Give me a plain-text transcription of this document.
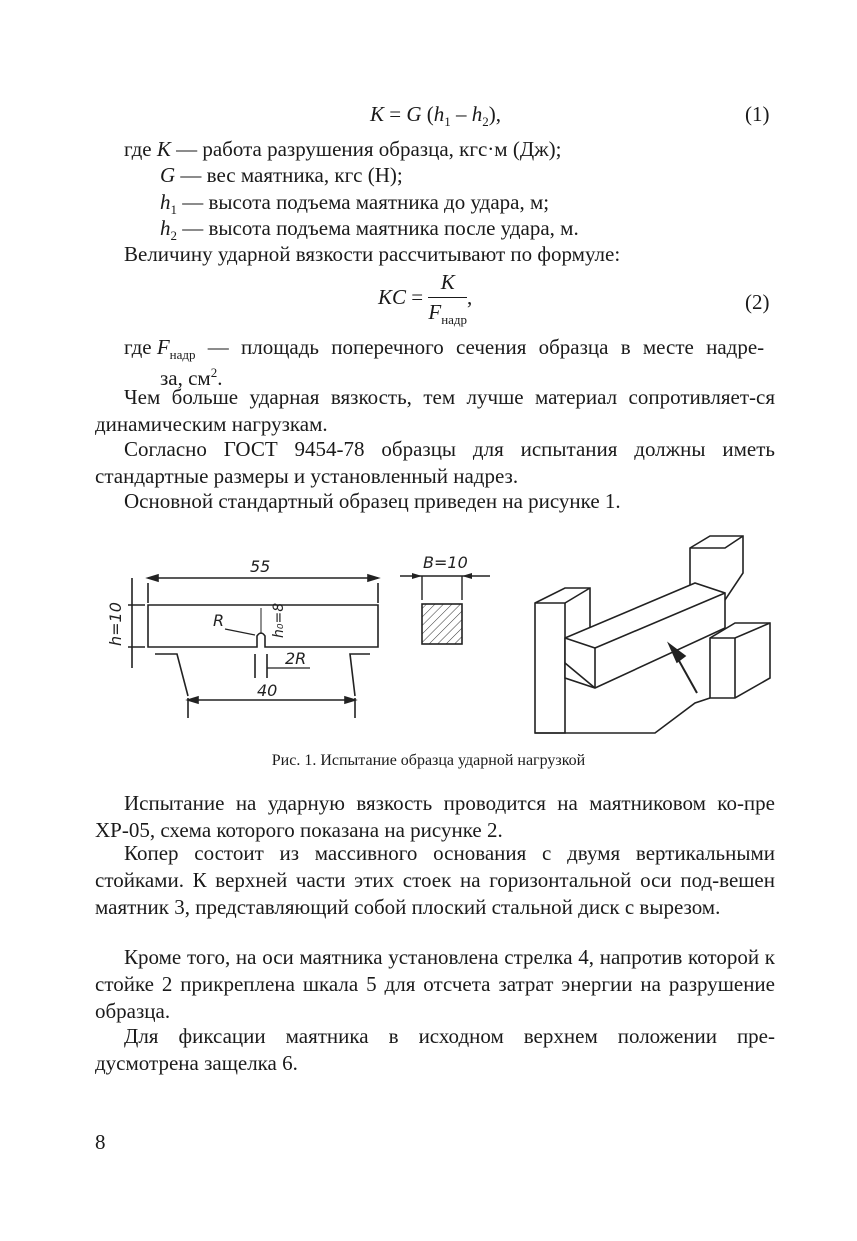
K = G $(h_1 - h_2)$,	(1)
где K — работа разрушения образца, кгс·м (Дж);
G — вес маятника, кгс (Н);
$h_1$ — высота подъема маятника до удара, м;
$h_2$ — высота подъема маятника после удара, м.
Величину ударной вязкости рассчитывают по формуле:
KC = $\frac{K}{F_{надр}}$ ,	(2)
где $F_{надр}$ — площадь поперечного сечения образца в месте надре-
за, $см^2$.
Чем больше ударная вязкость, тем лучше материал сопротивляет-ся динамическим нагрузкам.
Согласно ГОСТ 9454-78 образцы для испытания должны иметь стандартные размеры и установленный надрез.
Основной стандартный образец приведен на рисунке 1.
55
h=10	h₀=8
R
2R
40
B=10
Рис. 1. Испытание образца ударной нагрузкой
Испытание на ударную вязкость проводится на маятниковом ко-пре ХР-05, схема которого показана на рисунке 2.
Копер состоит из массивного основания с двумя вертикальными стойками. К верхней части этих стоек на горизонтальной оси под-вешен маятник 3, представляющий собой плоский стальной диск с вырезом.
Кроме того, на оси маятника установлена стрелка 4, напротив которой к стойке 2 прикреплена шкала 5 для отсчета затрат энергии на разрушение образца.
Для фиксации маятника в исходном верхнем положении пре-дусмотрена защелка 6.
8
